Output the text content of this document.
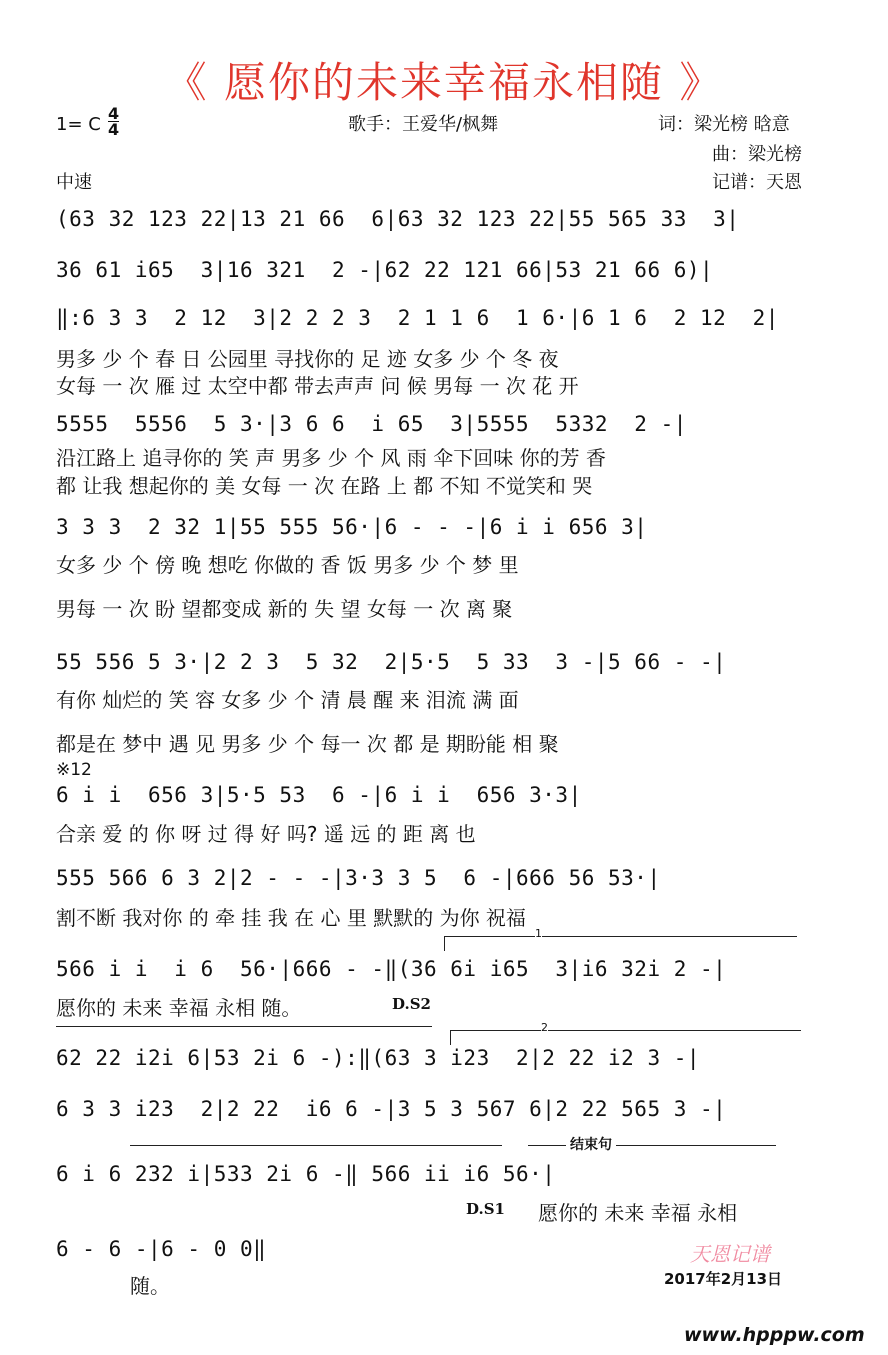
《 愿你的未来幸福永相随 》
1= C $\frac{4}{4}$
中速
歌手：王爱华/枫舞	词：梁光榜 晗意
曲：梁光榜
记谱：天恩
(63 32 123 22|13 21 66  6|63 32 123 22|55 565 33  3|
36 61 i65  3|16 321  2 -|62 22 121 66|53 21 66 6)|
‖:6 3 3  2 12  3|2 2 2 3  2 1 1 6  1 6·|6 1 6  2 12  2|
男多 少 个 春 日 公园里 寻找你的 足 迹 女多 少 个 冬 夜
女每 一 次 雁 过 太空中都 带去声声 问 候 男每 一 次 花 开
5555  5556  5 3·|3 6 6  i 65  3|5555  5332  2 -|
沿江路上 追寻你的 笑 声 男多 少 个 风 雨 伞下回味 你的芳 香
都 让我 想起你的 美 女每 一 次 在路 上 都 不知 不觉笑和 哭
3 3 3  2 32 1|55 555 56·|6 - - -|6 i i 656 3|
女多 少 个 傍 晚 想吃 你做的 香 饭 男多 少 个 梦 里
男每 一 次 盼 望都变成 新的 失 望 女每 一 次 离 聚
55 556 5 3·|2 2 3  5 32  2|5·5  5 33  3 -|5 66 - -|
有你 灿烂的 笑 容 女多 少 个 清 晨 醒 来 泪流 满 面
都是在 梦中 遇 见 男多 少 个 每一 次 都 是 期盼能 相 聚
※12
6 i i  656 3|5·5 53  6 -|6 i i  656 3·3|
合亲 爱 的 你 呀 过 得 好 吗? 遥 远 的 距 离 也
555 566 6 3 2|2 - - -|3·3 3 5  6 -|666 56 53·|
割不断 我对你 的 牵 挂 我 在 心 里 默默的 为你 祝福
1
566 i i  i 6  56·|666 - -‖(36 6i i65  3|i6 32i 2 -|
愿你的 未来 幸福 永相 随。	D.S2
2
62 22 i2i 6|53 2i 6 -):‖(63 3 i23  2|2 22 i2 3 -|
6 3 3 i23  2|2 22  i6 6 -|3 5 3 567 6|2 22 565 3 -|
结束句
6 i 6 232 i|533 2i 6 -‖ 566 ii i6 56·|
D.S1 愿你的 未来 幸福 永相
6 - 6 -|6 - 0 0‖
随。
天恩记谱
2017年2月13日
www.hpppw.com
